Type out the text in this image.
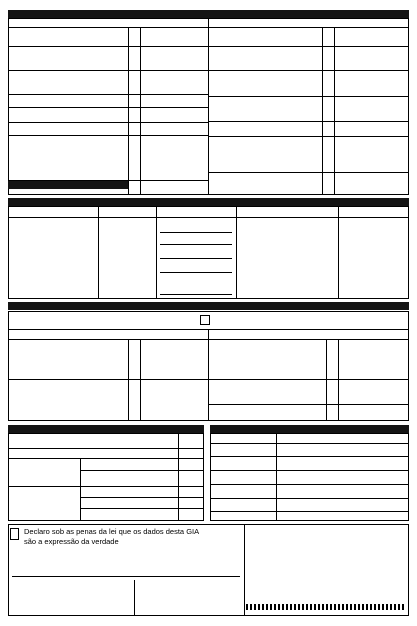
Declaro sob as penas da lei que os dados desta GIA
são a expressão da verdade
